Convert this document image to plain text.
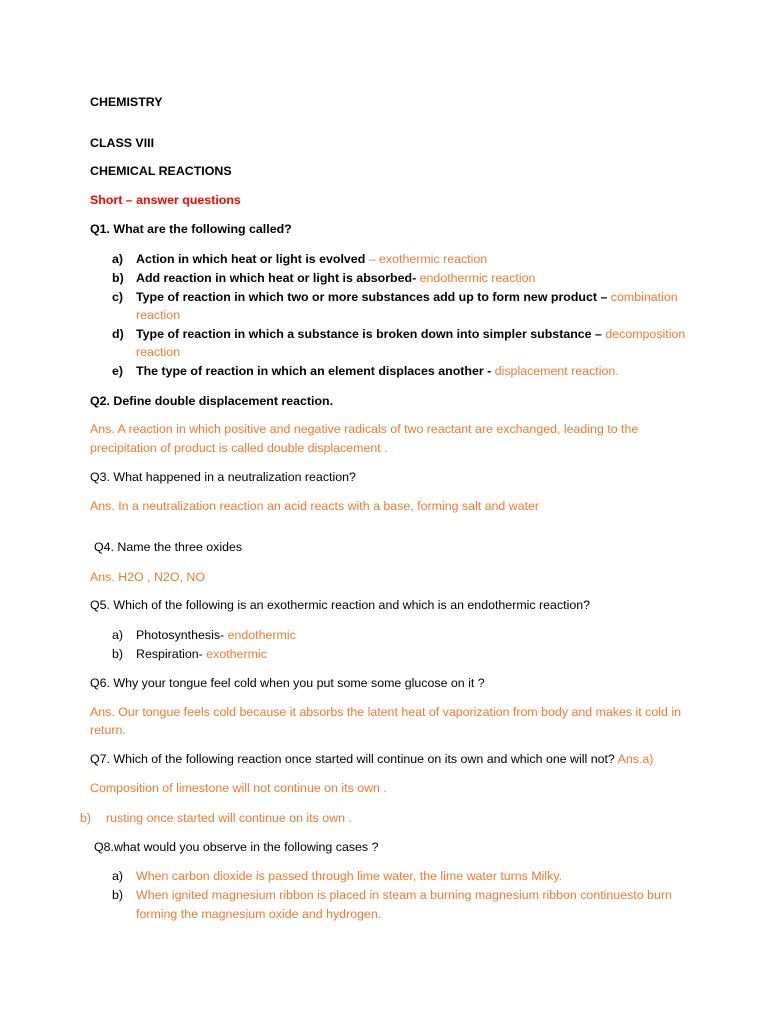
CHEMISTRY
CLASS VIII
CHEMICAL REACTIONS
Short – answer questions
Q1. What are the following called?
a) Action in which heat or light is evolved – exothermic reaction
b) Add reaction in which heat or light is absorbed- endothermic reaction
c) Type of reaction in which two or more substances add up to form new product – combination
reaction
d) Type of reaction in which a substance is broken down into simpler substance – decomposition
reaction
e) The type of reaction in which an element displaces another - displacement reaction.
Q2. Define double displacement reaction.
Ans. A reaction in which positive and negative radicals of two reactant are exchanged, leading to the
precipitation of product is called double displacement .
Q3. What happened in a neutralization reaction?
Ans. In a neutralization reaction an acid reacts with a base, forming salt and water
Q4. Name the three oxides
Ans. H2O , N2O, NO
Q5. Which of the following is an exothermic reaction and which is an endothermic reaction?
a) Photosynthesis- endothermic
b) Respiration- exothermic
Q6. Why your tongue feel cold when you put some some glucose on it ?
Ans. Our tongue feels cold because it absorbs the latent heat of vaporization from body and makes it cold in
return.
Q7. Which of the following reaction once started will continue on its own and which one will not? Ans.a)
Composition of limestone will not continue on its own .
b) rusting once started will continue on its own .
Q8.what would you observe in the following cases ?
a) When carbon dioxide is passed through lime water, the lime water turns Milky.
b) When ignited magnesium ribbon is placed in steam a burning magnesium ribbon continuesto burn
forming the magnesium oxide and hydrogen.
